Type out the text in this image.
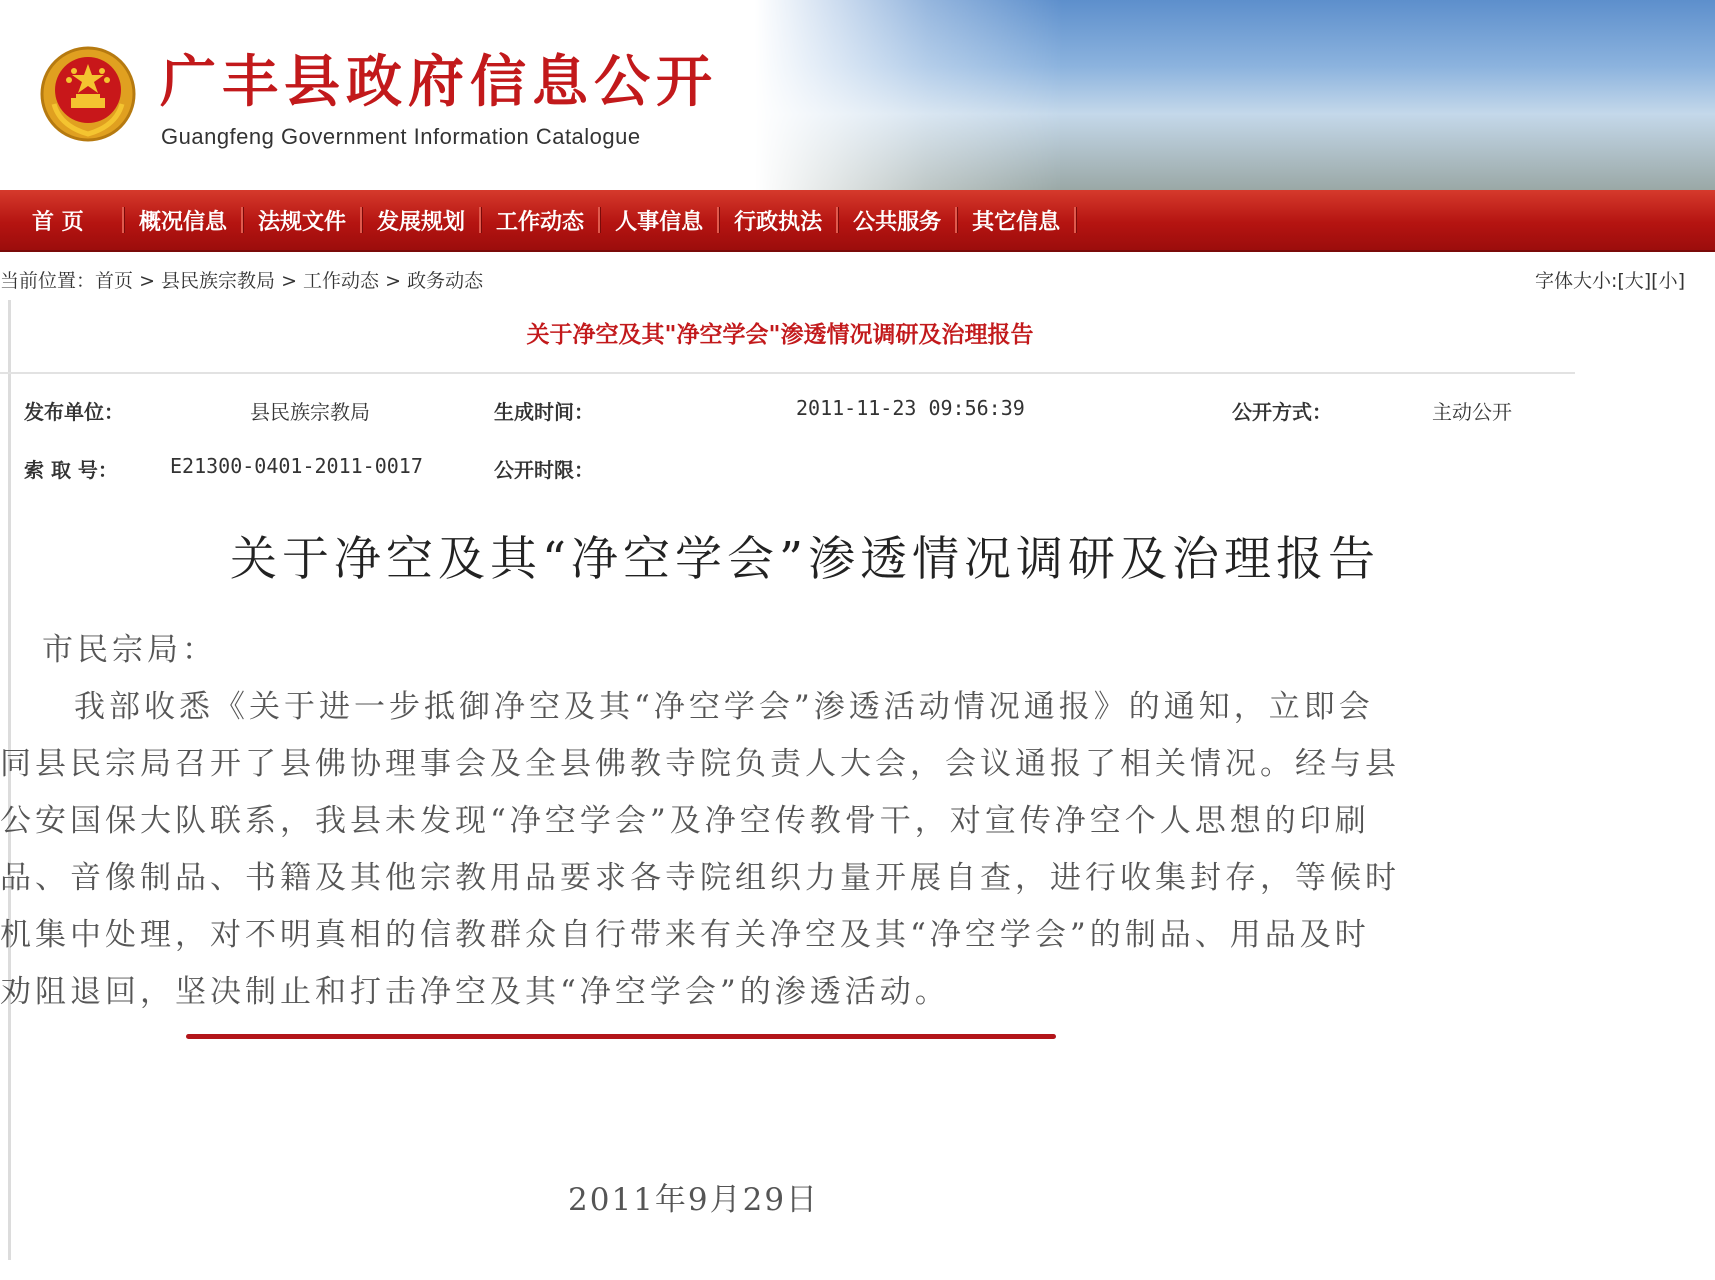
广丰县政府信息公开
Guangfeng Government Information Catalogue
首 页	概况信息	法规文件	发展规划	工作动态	人事信息	行政执法	公共服务	其它信息
当前位置：首页 > 县民族宗教局 > 工作动态 > 政务动态	字体大小:[大][小]
关于净空及其"净空学会"渗透情况调研及治理报告
发布单位：	县民族宗教局	生成时间：	2011-11-23 09:56:39	公开方式：	主动公开
索 取 号：	E21300-0401-2011-0017	公开时限：
关于净空及其“净空学会”渗透情况调研及治理报告
市民宗局：
我部收悉《关于进一步抵御净空及其“净空学会”渗透活动情况通报》的通知，立即会
同县民宗局召开了县佛协理事会及全县佛教寺院负责人大会，会议通报了相关情况。经与县
公安国保大队联系，我县未发现“净空学会”及净空传教骨干，对宣传净空个人思想的印刷
品、音像制品、书籍及其他宗教用品要求各寺院组织力量开展自查，进行收集封存，等候时
机集中处理，对不明真相的信教群众自行带来有关净空及其“净空学会”的制品、用品及时
劝阻退回，坚决制止和打击净空及其“净空学会”的渗透活动。
2011年9月29日
